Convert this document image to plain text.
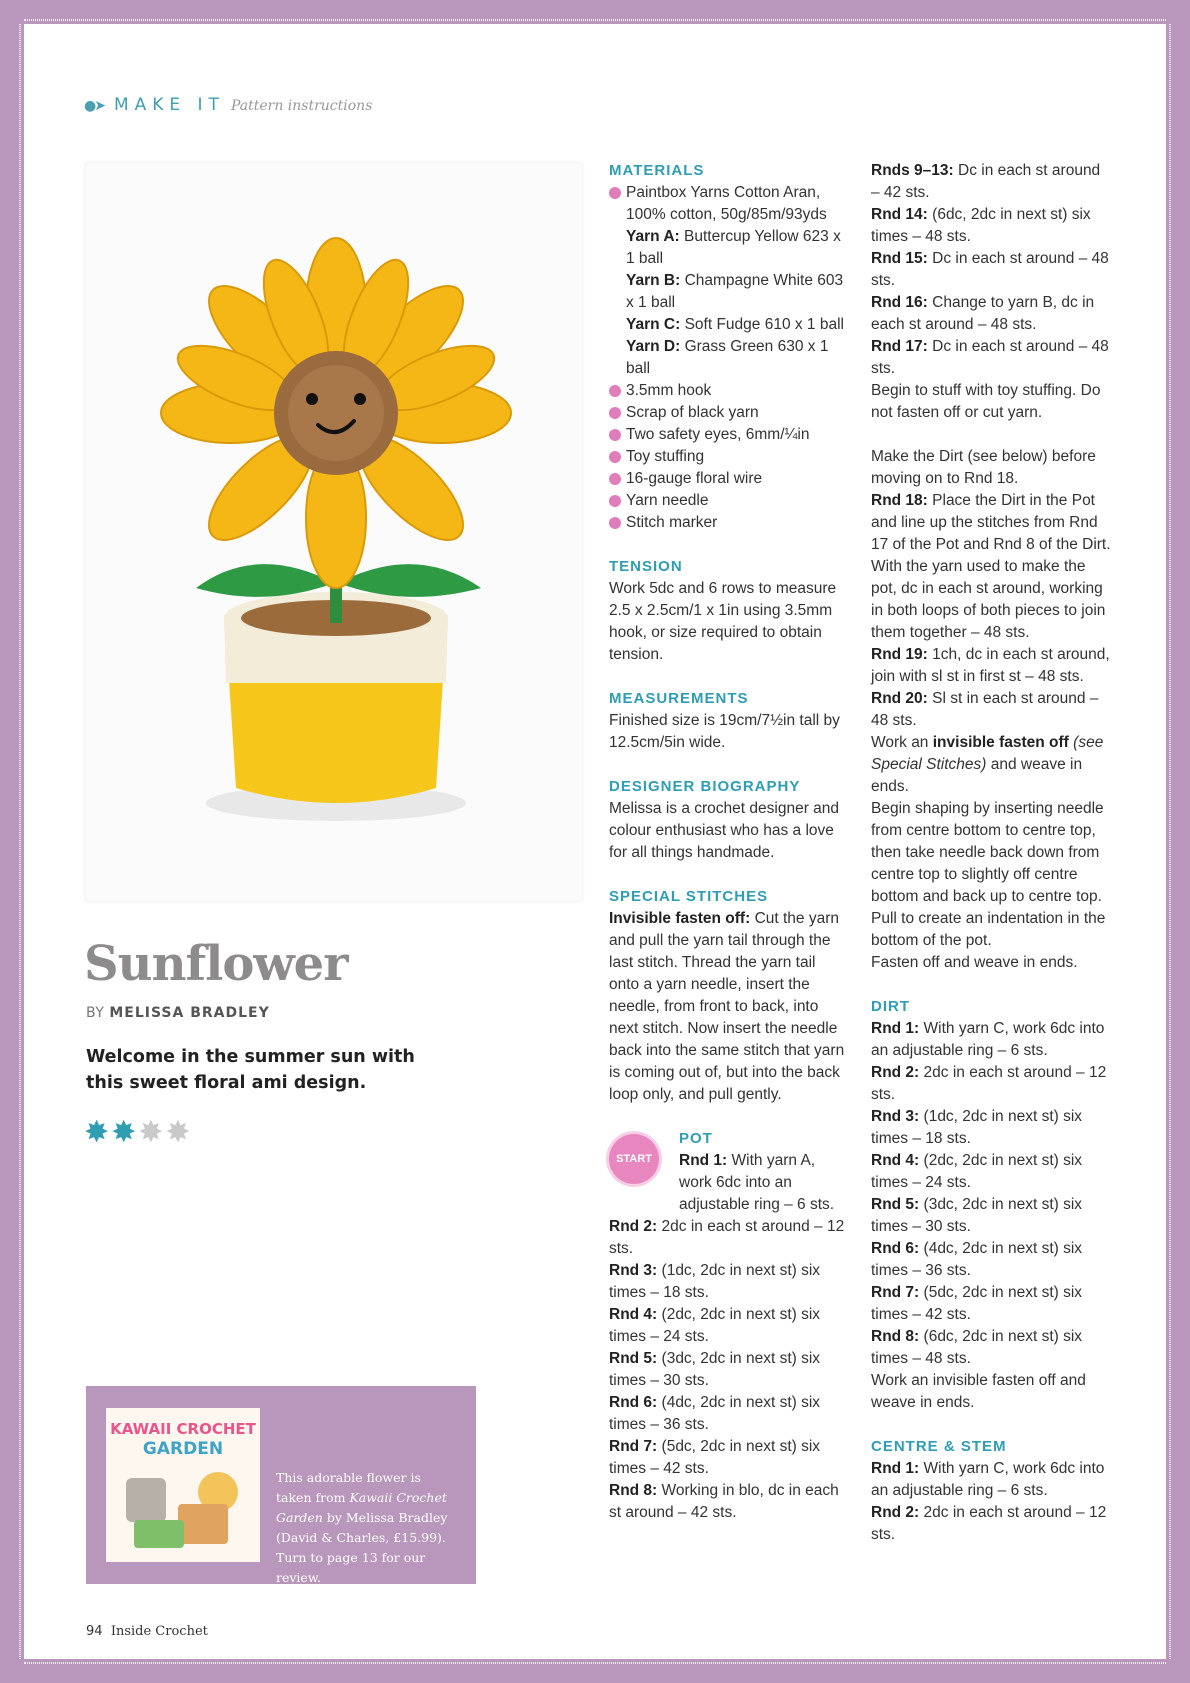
●➤ MAKE IT Pattern instructions
Sunflower
BY MELISSA BRADLEY
Welcome in the summer sun with this sweet floral ami design.
✸ ✸ ✸ ✸
KAWAII CROCHET
GARDEN
This adorable flower is taken from Kawaii Crochet Garden by Melissa Bradley (David & Charles, £15.99). Turn to page 13 for our review.
94 Inside Crochet

MATERIALS

Paintbox Yarns Cotton Aran, 100% cotton, 50g/85m/93yds

Yarn A: Buttercup Yellow 623 x 1 ball

Yarn B: Champagne White 603 x 1 ball

Yarn C: Soft Fudge 610 x 1 ball

Yarn D: Grass Green 630 x 1 ball

3.5mm hook
Scrap of black yarn
Two safety eyes, 6mm/¼in
Toy stuffing
16-gauge floral wire
Yarn needle
Stitch marker

TENSION

Work 5dc and 6 rows to measure 2.5 x 2.5cm/1 x 1in using 3.5mm hook, or size required to obtain tension.

MEASUREMENTS

Finished size is 19cm/7½in tall by 12.5cm/5in wide.

DESIGNER BIOGRAPHY

Melissa is a crochet designer and colour enthusiast who has a love for all things handmade.

SPECIAL STITCHES

Invisible fasten off: Cut the yarn and pull the yarn tail through the last stitch. Thread the yarn tail onto a yarn needle, insert the needle, from front to back, into next stitch. Now insert the needle back into the same stitch that yarn is coming out of, but into the back loop only, and pull gently.

START
POT

Rnd 1: With yarn A, work 6dc into an adjustable ring – 6 sts.

Rnd 2: 2dc in each st around – 12 sts.

Rnd 3: (1dc, 2dc in next st) six times – 18 sts.

Rnd 4: (2dc, 2dc in next st) six times – 24 sts.

Rnd 5: (3dc, 2dc in next st) six times – 30 sts.

Rnd 6: (4dc, 2dc in next st) six times – 36 sts.

Rnd 7: (5dc, 2dc in next st) six times – 42 sts.

Rnd 8: Working in blo, dc in each st around – 42 sts.

Rnds 9–13: Dc in each st around – 42 sts.

Rnd 14: (6dc, 2dc in next st) six times – 48 sts.

Rnd 15: Dc in each st around – 48 sts.

Rnd 16: Change to yarn B, dc in each st around – 48 sts.

Rnd 17: Dc in each st around – 48 sts.

Begin to stuff with toy stuffing. Do not fasten off or cut yarn.

Make the Dirt (see below) before moving on to Rnd 18.

Rnd 18: Place the Dirt in the Pot and line up the stitches from Rnd 17 of the Pot and Rnd 8 of the Dirt. With the yarn used to make the pot, dc in each st around, working in both loops of both pieces to join them together – 48 sts.

Rnd 19: 1ch, dc in each st around, join with sl st in first st – 48 sts.

Rnd 20: Sl st in each st around – 48 sts.

Work an invisible fasten off (see Special Stitches) and weave in ends.

Begin shaping by inserting needle from centre bottom to centre top, then take needle back down from centre top to slightly off centre bottom and back up to centre top.

Pull to create an indentation in the bottom of the pot.

Fasten off and weave in ends.

DIRT

Rnd 1: With yarn C, work 6dc into an adjustable ring – 6 sts.

Rnd 2: 2dc in each st around – 12 sts.

Rnd 3: (1dc, 2dc in next st) six times – 18 sts.

Rnd 4: (2dc, 2dc in next st) six times – 24 sts.

Rnd 5: (3dc, 2dc in next st) six times – 30 sts.

Rnd 6: (4dc, 2dc in next st) six times – 36 sts.

Rnd 7: (5dc, 2dc in next st) six times – 42 sts.

Rnd 8: (6dc, 2dc in next st) six times – 48 sts.

Work an invisible fasten off and weave in ends.

CENTRE & STEM

Rnd 1: With yarn C, work 6dc into an adjustable ring – 6 sts.

Rnd 2: 2dc in each st around – 12 sts.
